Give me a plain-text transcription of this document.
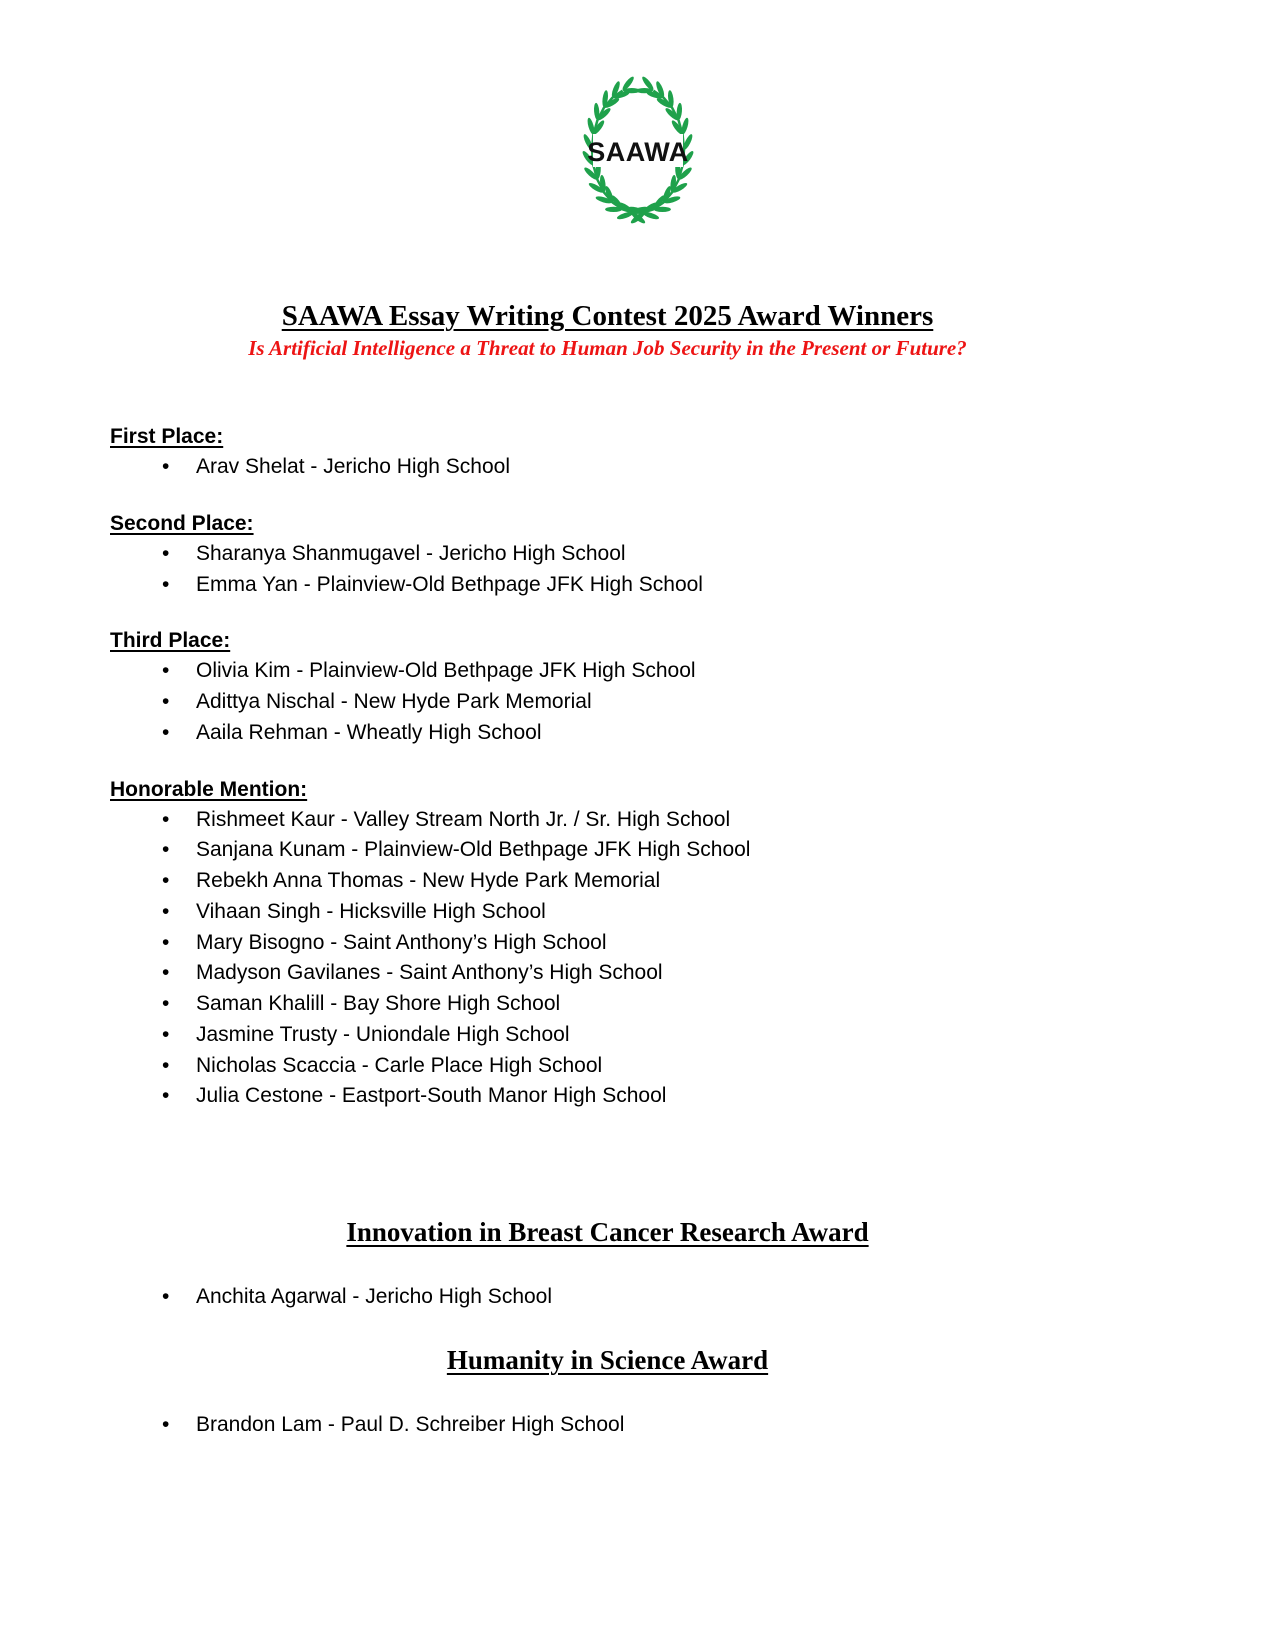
SAAWA
SAAWA Essay Writing Contest 2025 Award Winners
Is Artificial Intelligence a Threat to Human Job Security in the Present or Future?
First Place:
•	Arav Shelat - Jericho High School
Second Place:
•	Sharanya Shanmugavel - Jericho High School
•	Emma Yan - Plainview-Old Bethpage JFK High School
Third Place:
•	Olivia Kim - Plainview-Old Bethpage JFK High School
•	Adittya Nischal - New Hyde Park Memorial
•	Aaila Rehman - Wheatly High School
Honorable Mention:
•	Rishmeet Kaur - Valley Stream North Jr. / Sr. High School
•	Sanjana Kunam - Plainview-Old Bethpage JFK High School
•	Rebekh Anna Thomas - New Hyde Park Memorial
•	Vihaan Singh - Hicksville High School
•	Mary Bisogno - Saint Anthony’s High School
•	Madyson Gavilanes - Saint Anthony’s High School
•	Saman Khalill - Bay Shore High School
•	Jasmine Trusty - Uniondale High School
•	Nicholas Scaccia - Carle Place High School
•	Julia Cestone - Eastport-South Manor High School
Innovation in Breast Cancer Research Award
•	Anchita Agarwal - Jericho High School
Humanity in Science Award
•	Brandon Lam - Paul D. Schreiber High School
